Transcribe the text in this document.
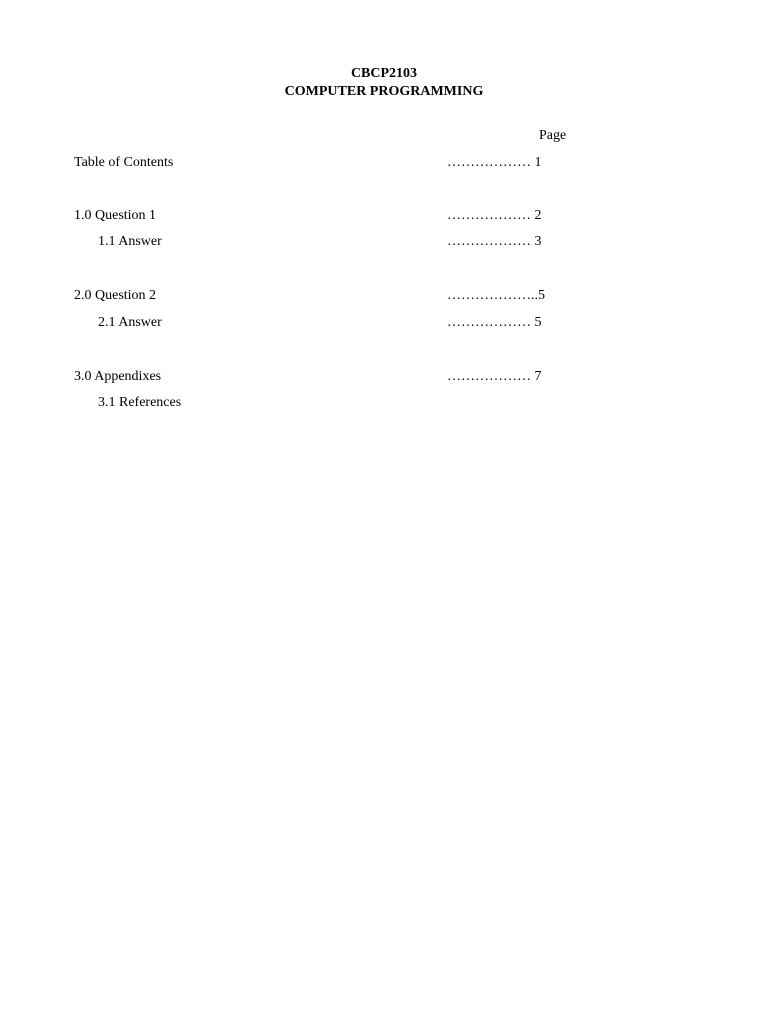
CBCP2103
COMPUTER PROGRAMMING
Page
Table of Contents	……………… 1
1.0 Question 1	……………… 2
1.1 Answer	……………… 3
2.0 Question 2	………………..5
2.1 Answer	……………… 5
3.0 Appendixes	……………… 7
3.1 References
